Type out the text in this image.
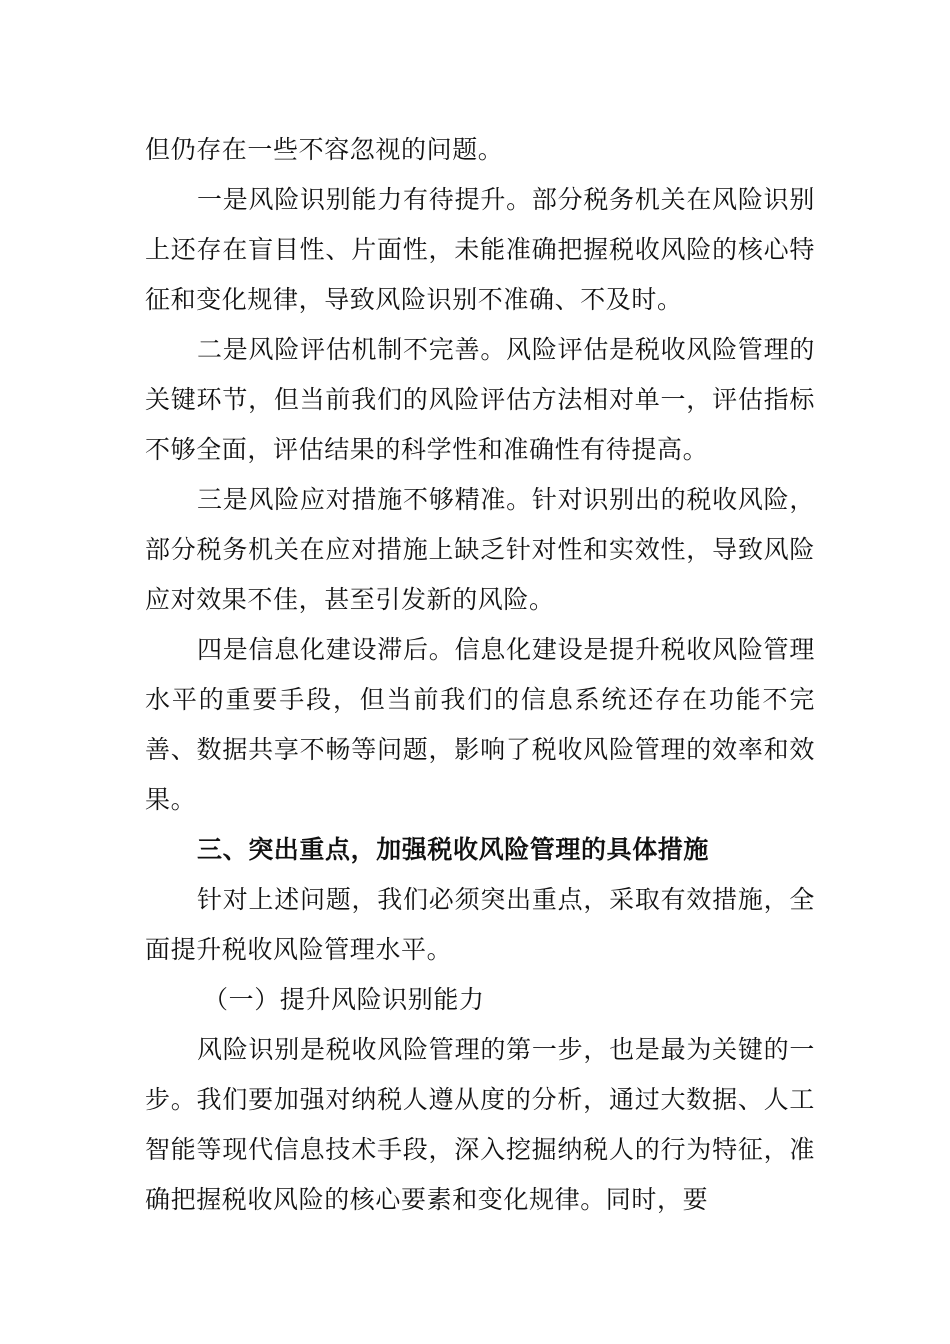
但仍存在一些不容忽视的问题。

一是风险识别能力有待提升。部分税务机关在风险识别上还存在盲目性、片面性，未能准确把握税收风险的核心特征和变化规律，导致风险识别不准确、不及时。

二是风险评估机制不完善。风险评估是税收风险管理的关键环节，但当前我们的风险评估方法相对单一，评估指标不够全面，评估结果的科学性和准确性有待提高。

三是风险应对措施不够精准。针对识别出的税收风险，部分税务机关在应对措施上缺乏针对性和实效性，导致风险应对效果不佳，甚至引发新的风险。

四是信息化建设滞后。信息化建设是提升税收风险管理水平的重要手段，但当前我们的信息系统还存在功能不完善、数据共享不畅等问题，影响了税收风险管理的效率和效果。

三、突出重点，加强税收风险管理的具体措施

针对上述问题，我们必须突出重点，采取有效措施，全面提升税收风险管理水平。

（一）提升风险识别能力

风险识别是税收风险管理的第一步，也是最为关键的一步。我们要加强对纳税人遵从度的分析，通过大数据、人工智能等现代信息技术手段，深入挖掘纳税人的行为特征，准确把握税收风险的核心要素和变化规律。同时，要
